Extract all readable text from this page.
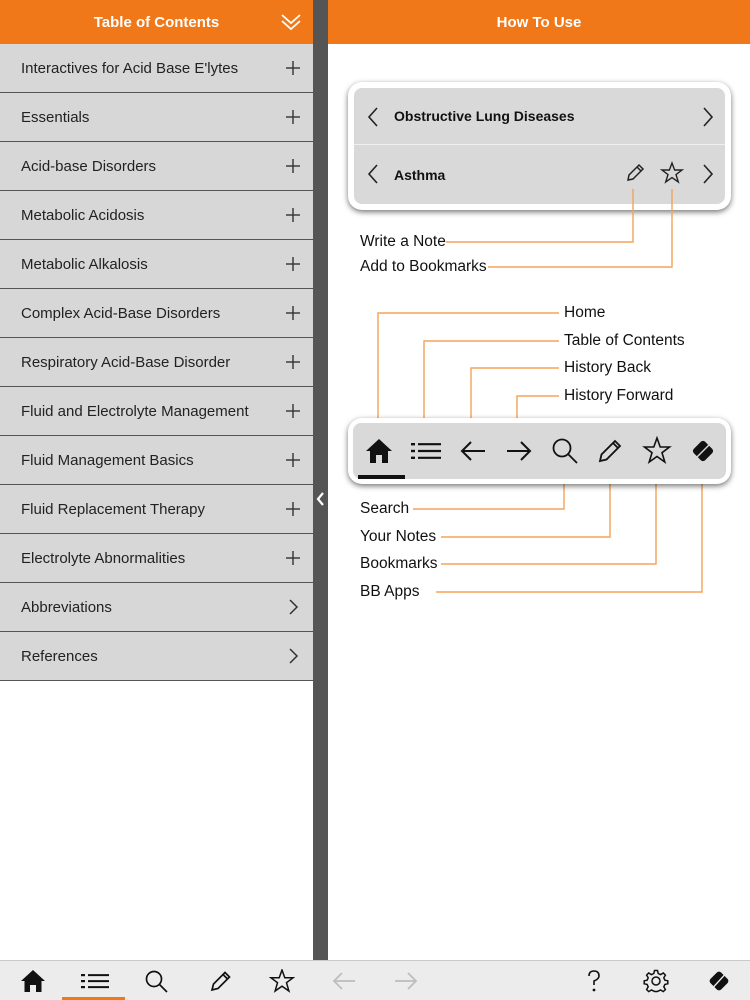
Table of Contents
Interactives for Acid Base E'lytes
Essentials
Acid-base Disorders
Metabolic Acidosis
Metabolic Alkalosis
Complex Acid-Base Disorders
Respiratory Acid-Base Disorder
Fluid and Electrolyte Management
Fluid Management Basics
Fluid Replacement Therapy
Electrolyte Abnormalities
Abbreviations
References
How To Use
Obstructive Lung Diseases
Asthma
Write a Note
Add to Bookmarks
Home
Table of Contents
History Back
History Forward
Search
Your Notes
Bookmarks
BB Apps
